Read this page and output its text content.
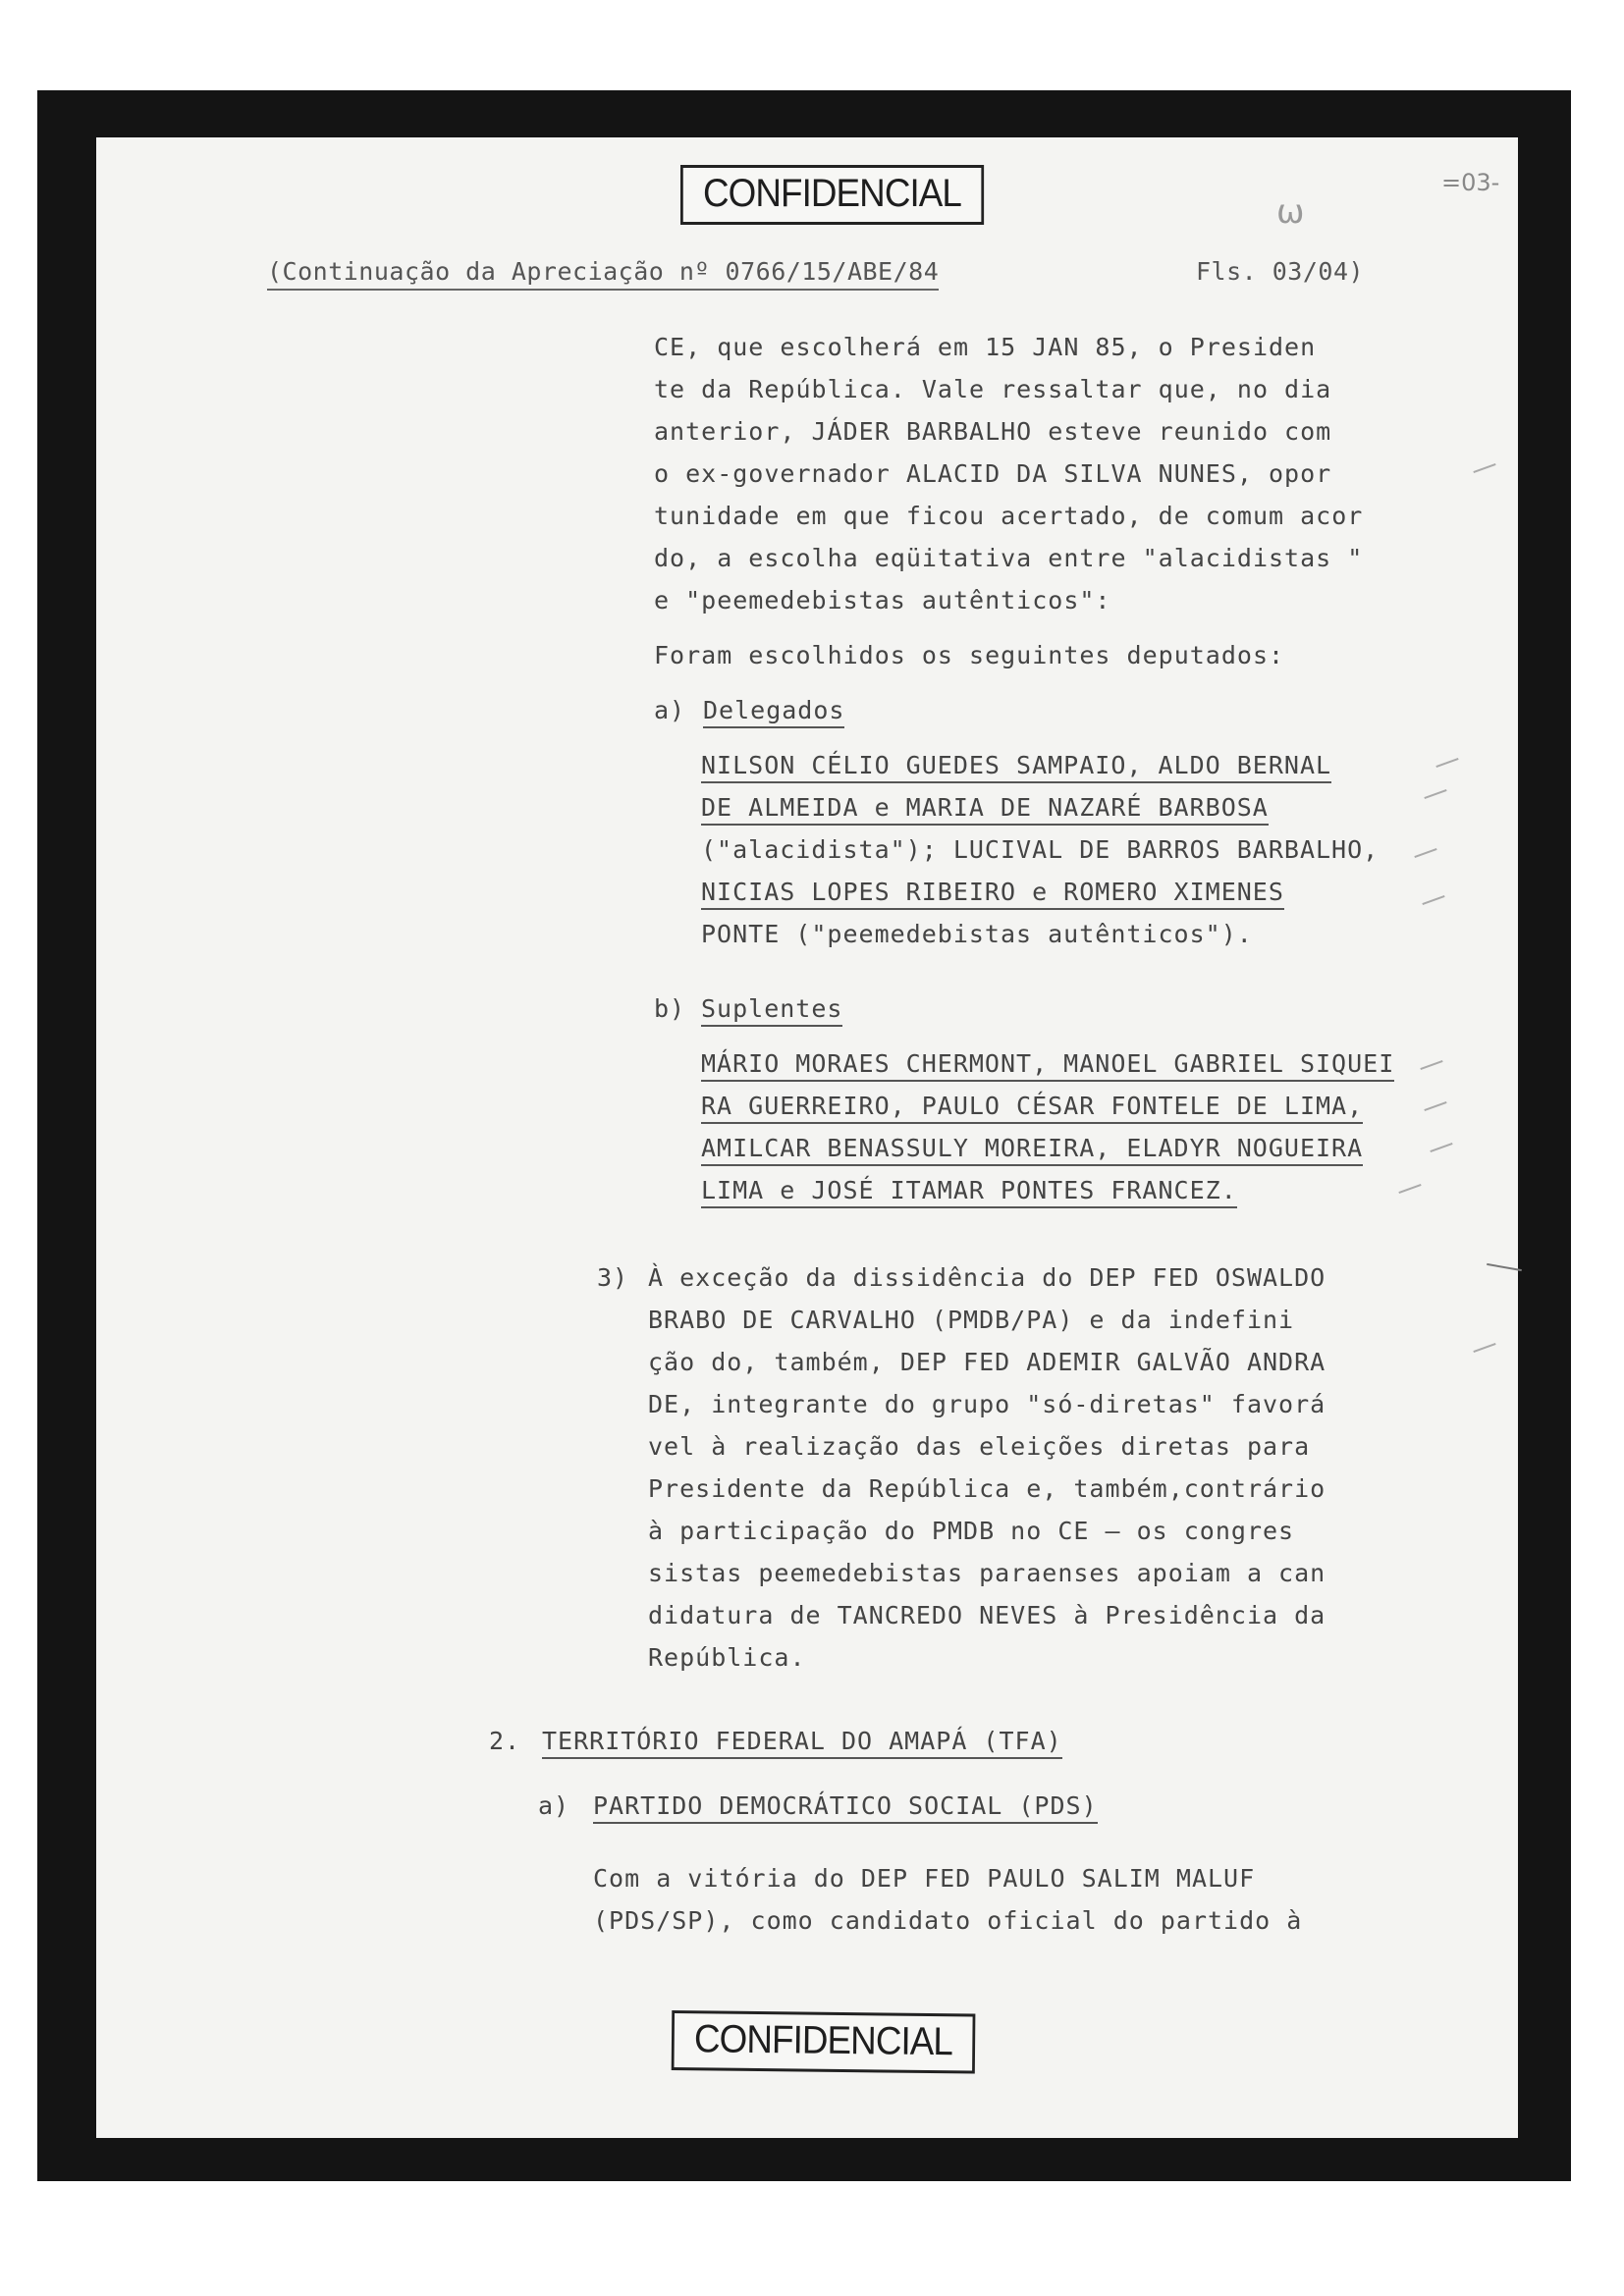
CONFIDENCIAL
(Continuação da Apreciação nº 0766/15/ABE/84	Fls. 03/04)
=03-
ω
CE, que escolherá em 15 JAN 85, o Presiden
te da República. Vale ressaltar que, no dia
anterior, JÁDER BARBALHO esteve reunido com
o ex-governador ALACID DA SILVA NUNES, opor
tunidade em que ficou acertado, de comum acor
do, a escolha eqüitativa entre "alacidistas "
e "peemedebistas autênticos":
Foram escolhidos os seguintes deputados:
a) Delegados
NILSON CÉLIO GUEDES SAMPAIO, ALDO BERNAL
DE ALMEIDA e MARIA DE NAZARÉ BARBOSA
("alacidista"); LUCIVAL DE BARROS BARBALHO,
NICIAS LOPES RIBEIRO e ROMERO XIMENES
PONTE ("peemedebistas autênticos").
b) Suplentes
MÁRIO MORAES CHERMONT, MANOEL GABRIEL SIQUEI
RA GUERREIRO, PAULO CÉSAR FONTELE DE LIMA,
AMILCAR BENASSULY MOREIRA, ELADYR NOGUEIRA
LIMA e JOSÉ ITAMAR PONTES FRANCEZ.
3) À exceção da dissidência do DEP FED OSWALDO
BRABO DE CARVALHO (PMDB/PA) e da indefini
ção do, também, DEP FED ADEMIR GALVÃO ANDRA
DE, integrante do grupo "só-diretas" favorá
vel à realização das eleições diretas para
Presidente da República e, também,contrário
à participação do PMDB no CE — os congres
sistas peemedebistas paraenses apoiam a can
didatura de TANCREDO NEVES à Presidência da
República.
2. TERRITÓRIO FEDERAL DO AMAPÁ (TFA)
a) PARTIDO DEMOCRÁTICO SOCIAL (PDS)
Com a vitória do DEP FED PAULO SALIM MALUF
(PDS/SP), como candidato oficial do partido à
CONFIDENCIAL
